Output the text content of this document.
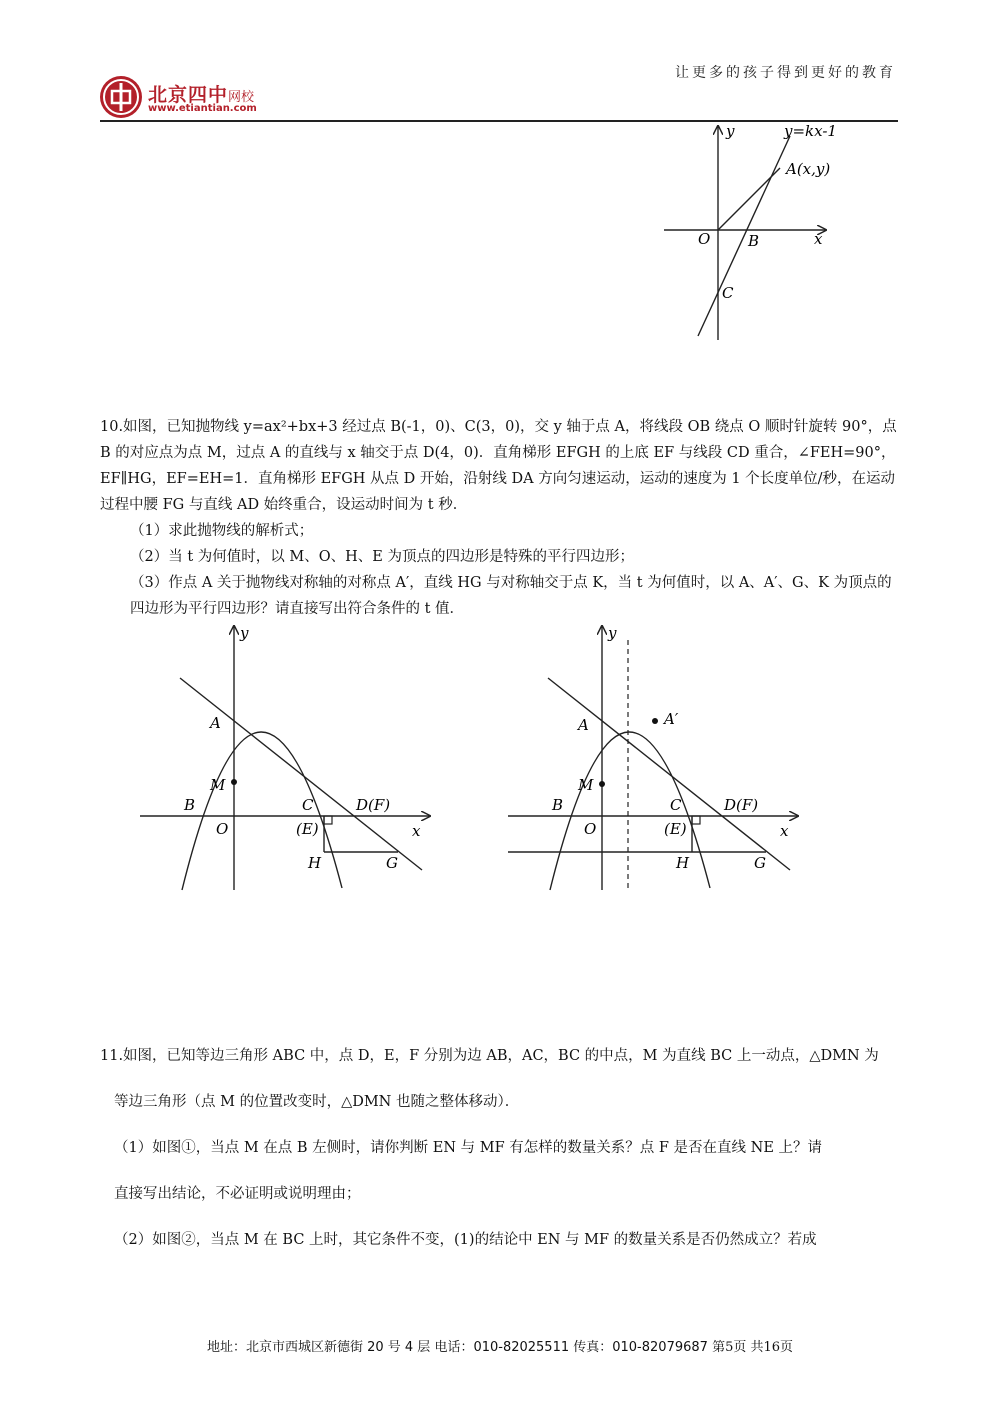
北京四中网校
www.etiantian.com
让更多的孩子得到更好的教育
y	y=kx-1
A(x,y)
O	B	x
C

10.如图，已知抛物线 y=ax²+bx+3 经过点 B(-1，0)、C(3，0)，交 y 轴于点 A，将线段 OB 绕点 O 顺时针旋转 90°，点 B 的对应点为点 M，过点 A 的直线与 x 轴交于点 D(4，0)．直角梯形 EFGH 的上底 EF 与线段 CD 重合，∠FEH=90°，EF∥HG，EF=EH=1．直角梯形 EFGH 从点 D 开始，沿射线 DA 方向匀速运动，运动的速度为 1 个长度单位/秒，在运动过程中腰 FG 与直线 AD 始终重合，设运动时间为 t 秒．

（1）求此抛物线的解析式；

（2）当 t 为何值时，以 M、O、H、E 为顶点的四边形是特殊的平行四边形；

（3）作点 A 关于抛物线对称轴的对称点 A′，直线 HG 与对称轴交于点 K，当 t 为何值时，以 A、A′、G、K 为顶点的四边形为平行四边形？请直接写出符合条件的 t 值．

y
A
M
B
O
C
(E)
D(F)
x
H	G
y
A	A′
M
B
O
C
(E)
D(F)
x
H	G

11.如图，已知等边三角形 ABC 中，点 D，E，F 分别为边 AB，AC，BC 的中点，M 为直线 BC 上一动点，△DMN 为

等边三角形（点 M 的位置改变时，△DMN 也随之整体移动）．

（1）如图①，当点 M 在点 B 左侧时，请你判断 EN 与 MF 有怎样的数量关系？点 F 是否在直线 NE 上？请

直接写出结论，不必证明或说明理由；

（2）如图②，当点 M 在 BC 上时，其它条件不变，(1)的结论中 EN 与 MF 的数量关系是否仍然成立？若成

地址：北京市西城区新德街 20 号 4 层 电话：010-82025511 传真：010-82079687 第5页 共16页
